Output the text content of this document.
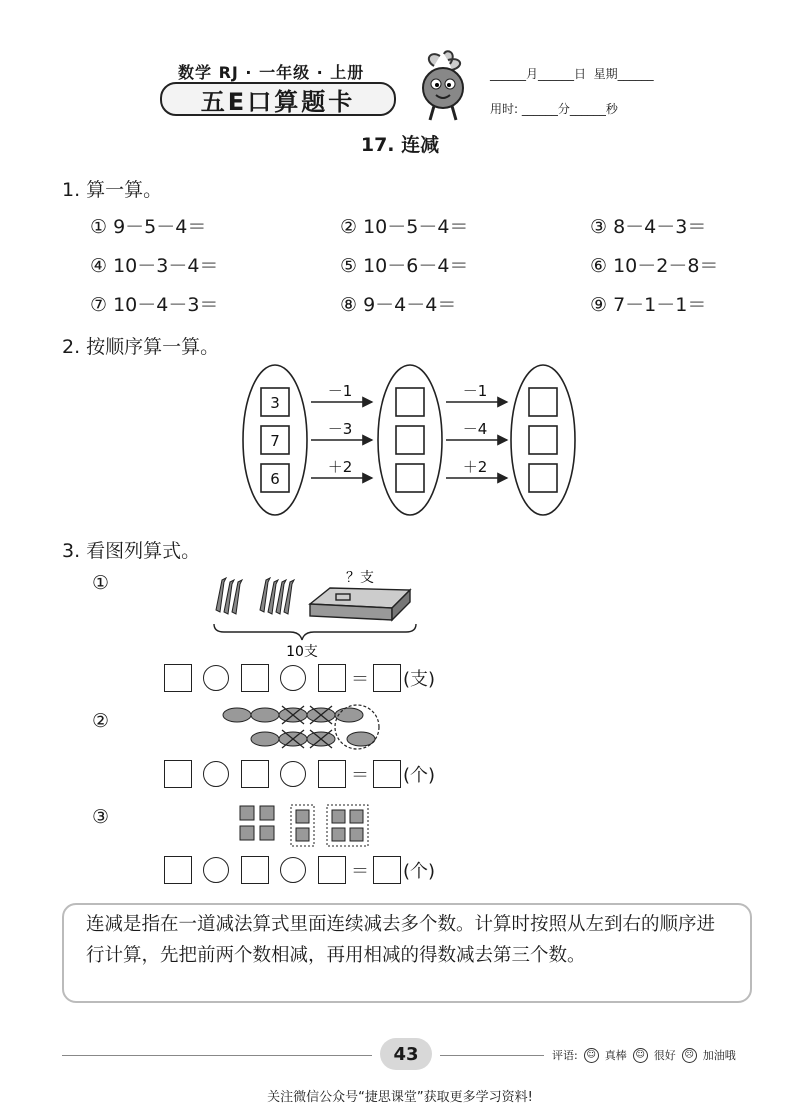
数学 RJ · 一年级 · 上册
五E口算题卡
______月______日  星期______
用时: ______分______秒
17. 连减
1. 算一算。
① 9－5－4＝	② 10－5－4＝	③ 8－4－3＝
④ 10－3－4＝	⑤ 10－6－4＝	⑥ 10－2－8＝
⑦ 10－4－3＝	⑧ 9－4－4＝	⑨ 7－1－1＝
2. 按顺序算一算。
3
7
6
－1
－3
＋2
－1
－4
＋2
3. 看图列算式。
①	？支
10支
＝ (支)
②
＝ (个)
③
＝ (个)
连减是指在一道减法算式里面连续减去多个数。计算时按照从左到右的顺序进行计算，先把前两个数相减，再用相减的得数减去第三个数。
43	评语: ☺ 真棒 ☺ 很好 ☹ 加油哦
关注微信公众号“捷思课堂”获取更多学习资料!
